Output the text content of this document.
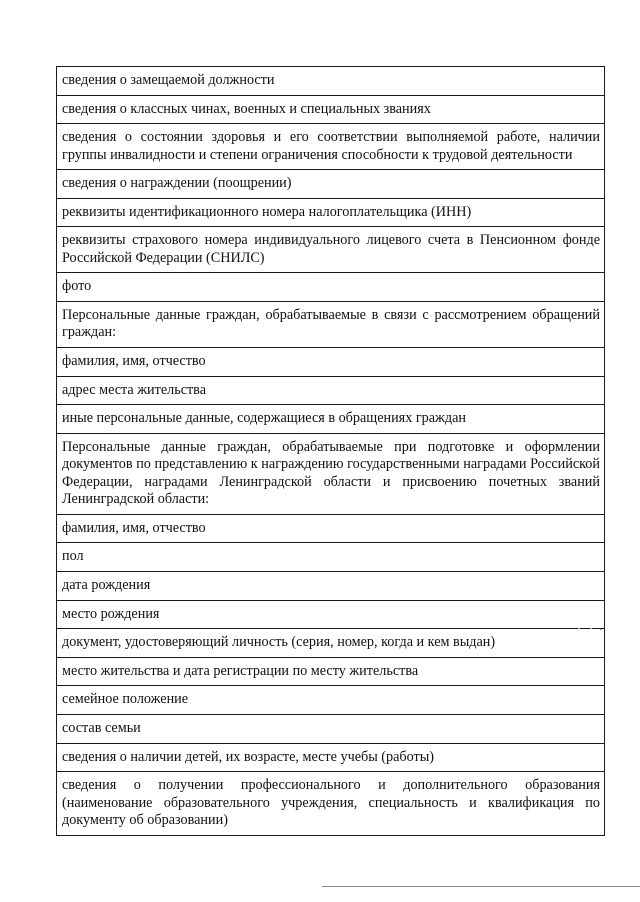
сведения о замещаемой должности
сведения о классных чинах, военных и специальных званиях
сведения о состоянии здоровья и его соответствии выполняемой работе, наличии группы инвалидности и степени ограничения способности к трудовой деятельности
сведения о награждении (поощрении)
реквизиты идентификационного номера налогоплательщика (ИНН)
реквизиты страхового номера индивидуального лицевого счета в Пенсионном фонде Российской Федерации (СНИЛС)
фото
Персональные данные граждан, обрабатываемые в связи с рассмотрением обращений граждан:
фамилия, имя, отчество
адрес места жительства
иные персональные данные, содержащиеся в обращениях граждан
Персональные данные граждан, обрабатываемые при подготовке и оформлении документов по представлению к награждению государственными наградами Российской Федерации, наградами Ленинградской области и присвоению почетных званий Ленинградской области:
фамилия, имя, отчество
пол
дата рождения
место рождения
документ, удостоверяющий личность (серия, номер, когда и кем выдан)
место жительства и дата регистрации по месту жительства
семейное положение
состав семьи
сведения о наличии детей, их возрасте, месте учебы (работы)
сведения о получении профессионального и дополнительного образования (наименование образовательного учреждения, специальность и квалификация по документу об образовании)
